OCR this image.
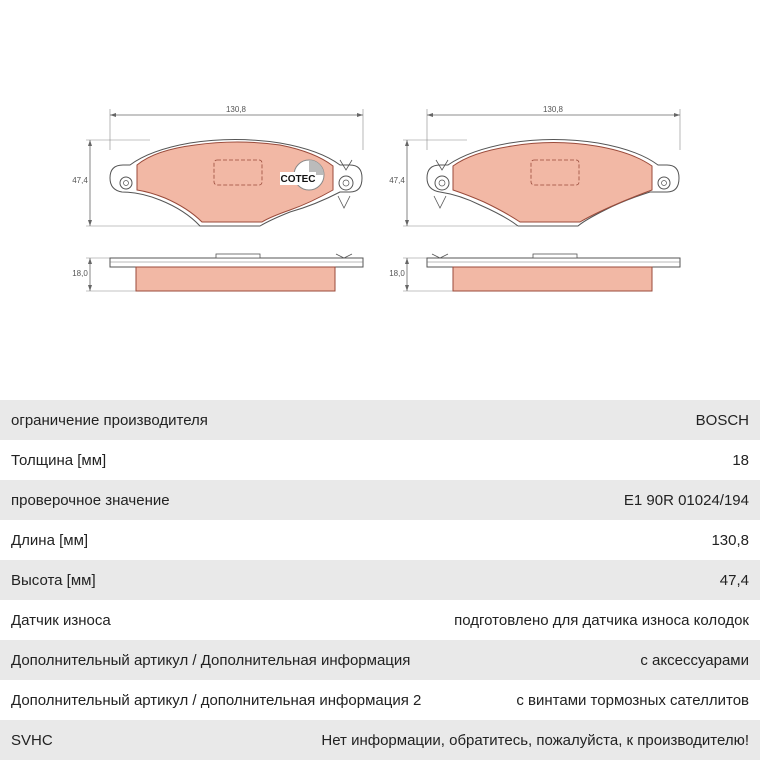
130,8
47,4	COTEC
18,0
130,8
47,4
18,0
ограничение производителя	BOSCH
Толщина [мм]	18
проверочное значение	E1 90R 01024/194
Длина [мм]	130,8
Высота [мм]	47,4
Датчик износа	подготовлено для датчика износа колодок
Дополнительный артикул / Дополнительная информация	с аксессуарами
Дополнительный артикул / дополнительная информация 2	с винтами тормозных сателлитов
SVHC	Нет информации, обратитесь, пожалуйста, к производителю!
